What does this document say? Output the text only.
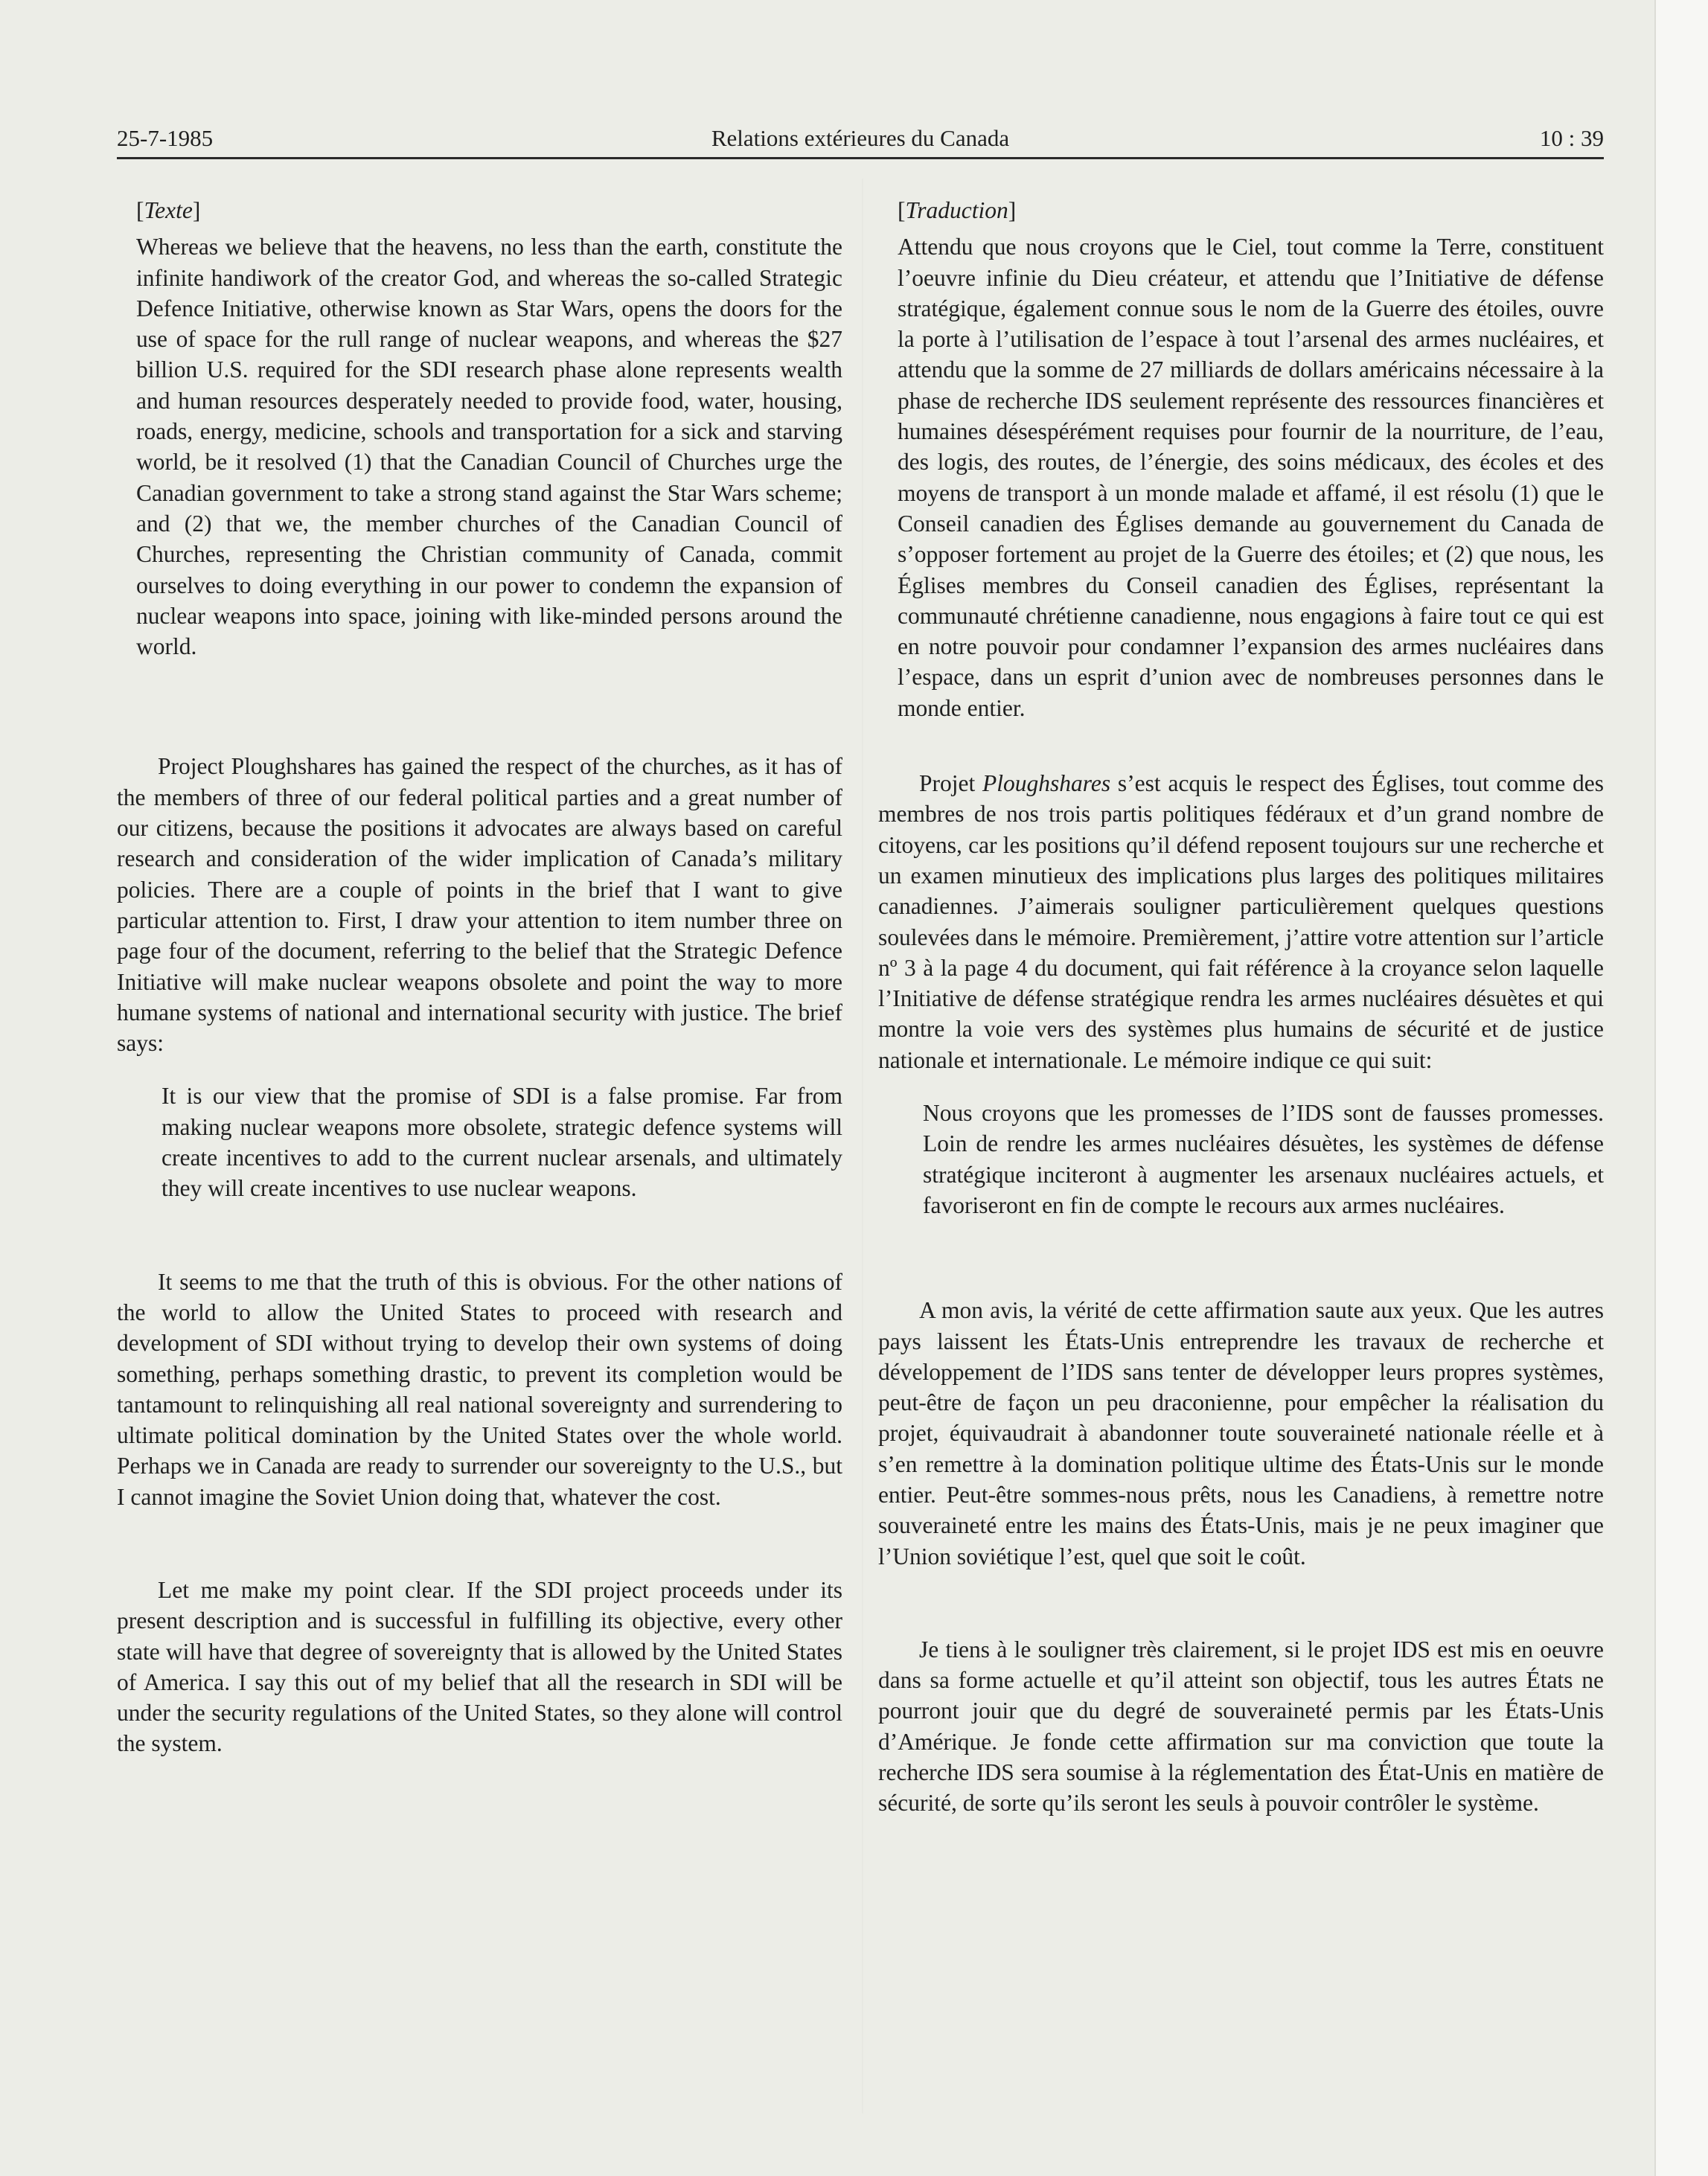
25-7-1985	Relations extérieures du Canada	10 : 39
[Texte]

Whereas we believe that the heavens, no less than the earth, constitute the infinite handiwork of the creator God, and whereas the so-called Strategic Defence Initiative, otherwise known as Star Wars, opens the doors for the use of space for the rull range of nuclear weapons, and whereas the $27 billion U.S. required for the SDI research phase alone represents wealth and human resources desperately needed to provide food, water, housing, roads, energy, medicine, schools and transportation for a sick and starving world, be it resolved (1) that the Canadian Council of Churches urge the Canadian government to take a strong stand against the Star Wars scheme; and (2) that we, the member churches of the Canadian Council of Churches, representing the Christian community of Canada, commit ourselves to doing everything in our power to condemn the expansion of nuclear weapons into space, joining with like-minded persons around the world.

Project Ploughshares has gained the respect of the churches, as it has of the members of three of our federal political parties and a great number of our citizens, because the positions it advocates are always based on careful research and consideration of the wider implication of Canada’s military policies. There are a couple of points in the brief that I want to give particular attention to. First, I draw your attention to item number three on page four of the document, referring to the belief that the Strategic Defence Initiative will make nuclear weapons obsolete and point the way to more humane systems of national and international security with justice. The brief says:

It is our view that the promise of SDI is a false promise. Far from making nuclear weapons more obsolete, strategic defence systems will create incentives to add to the current nuclear arsenals, and ultimately they will create incentives to use nuclear weapons.

It seems to me that the truth of this is obvious. For the other nations of the world to allow the United States to proceed with research and development of SDI without trying to develop their own systems of doing something, perhaps something drastic, to prevent its completion would be tantamount to relinquishing all real national sovereignty and surrendering to ultimate political domination by the United States over the whole world. Perhaps we in Canada are ready to surrender our sovereignty to the U.S., but I cannot imagine the Soviet Union doing that, whatever the cost.

Let me make my point clear. If the SDI project proceeds under its present description and is successful in fulfilling its objective, every other state will have that degree of sovereignty that is allowed by the United States of America. I say this out of my belief that all the research in SDI will be under the security regulations of the United States, so they alone will control the system.

[Traduction]

Attendu que nous croyons que le Ciel, tout comme la Terre, constituent l’oeuvre infinie du Dieu créateur, et attendu que l’Initiative de défense stratégique, également connue sous le nom de la Guerre des étoiles, ouvre la porte à l’utilisation de l’espace à tout l’arsenal des armes nucléaires, et attendu que la somme de 27 milliards de dollars américains nécessaire à la phase de recherche IDS seulement représente des ressources financières et humaines désespérément requises pour fournir de la nourriture, de l’eau, des logis, des routes, de l’énergie, des soins médicaux, des écoles et des moyens de transport à un monde malade et affamé, il est résolu (1) que le Conseil canadien des Églises demande au gouvernement du Canada de s’opposer fortement au projet de la Guerre des étoiles; et (2) que nous, les Églises membres du Conseil canadien des Églises, représentant la communauté chrétienne canadienne, nous engagions à faire tout ce qui est en notre pouvoir pour condamner l’expansion des armes nucléaires dans l’espace, dans un esprit d’union avec de nombreuses personnes dans le monde entier.

Projet Ploughshares s’est acquis le respect des Églises, tout comme des membres de nos trois partis politiques fédéraux et d’un grand nombre de citoyens, car les positions qu’il défend reposent toujours sur une recherche et un examen minutieux des implications plus larges des politiques militaires canadiennes. J’aimerais souligner particulièrement quelques questions soulevées dans le mémoire. Premièrement, j’attire votre attention sur l’article nº 3 à la page 4 du document, qui fait référence à la croyance selon laquelle l’Initiative de défense stratégique rendra les armes nucléaires désuètes et qui montre la voie vers des systèmes plus humains de sécurité et de justice nationale et internationale. Le mémoire indique ce qui suit:

Nous croyons que les promesses de l’IDS sont de fausses promesses. Loin de rendre les armes nucléaires désuètes, les systèmes de défense stratégique inciteront à augmenter les arsenaux nucléaires actuels, et favoriseront en fin de compte le recours aux armes nucléaires.

A mon avis, la vérité de cette affirmation saute aux yeux. Que les autres pays laissent les États-Unis entreprendre les travaux de recherche et développement de l’IDS sans tenter de développer leurs propres systèmes, peut-être de façon un peu draconienne, pour empêcher la réalisation du projet, équivaudrait à abandonner toute souveraineté nationale réelle et à s’en remettre à la domination politique ultime des États-Unis sur le monde entier. Peut-être sommes-nous prêts, nous les Canadiens, à remettre notre souveraineté entre les mains des États-Unis, mais je ne peux imaginer que l’Union soviétique l’est, quel que soit le coût.

Je tiens à le souligner très clairement, si le projet IDS est mis en oeuvre dans sa forme actuelle et qu’il atteint son objectif, tous les autres États ne pourront jouir que du degré de souveraineté permis par les États-Unis d’Amérique. Je fonde cette affirmation sur ma conviction que toute la recherche IDS sera soumise à la réglementation des État-Unis en matière de sécurité, de sorte qu’ils seront les seuls à pouvoir contrôler le système.
